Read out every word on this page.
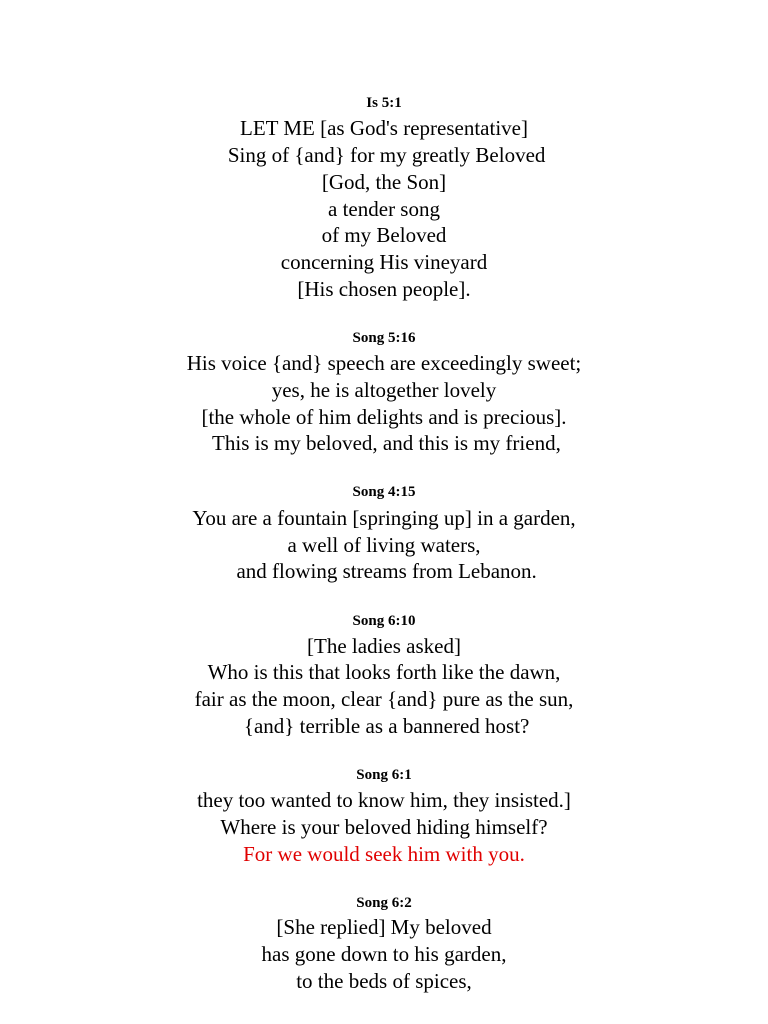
Is 5:1
LET ME [as God's representative]
Sing of {and} for my greatly Beloved
[God, the Son]
a tender song
of my Beloved
concerning His vineyard
[His chosen people].
Song 5:16
His voice {and} speech are exceedingly sweet;
yes, he is altogether lovely
[the whole of him delights and is precious].
This is my beloved, and this is my friend,
Song 4:15
You are a fountain [springing up] in a garden,
a well of living waters,
and flowing streams from Lebanon.
Song 6:10
[The ladies asked]
Who is this that looks forth like the dawn,
fair as the moon, clear {and} pure as the sun,
{and} terrible as a bannered host?
Song 6:1
they too wanted to know him, they insisted.]
Where is your beloved hiding himself?
For we would seek him with you.
Song 6:2
[She replied] My beloved
has gone down to his garden,
to the beds of spices,
